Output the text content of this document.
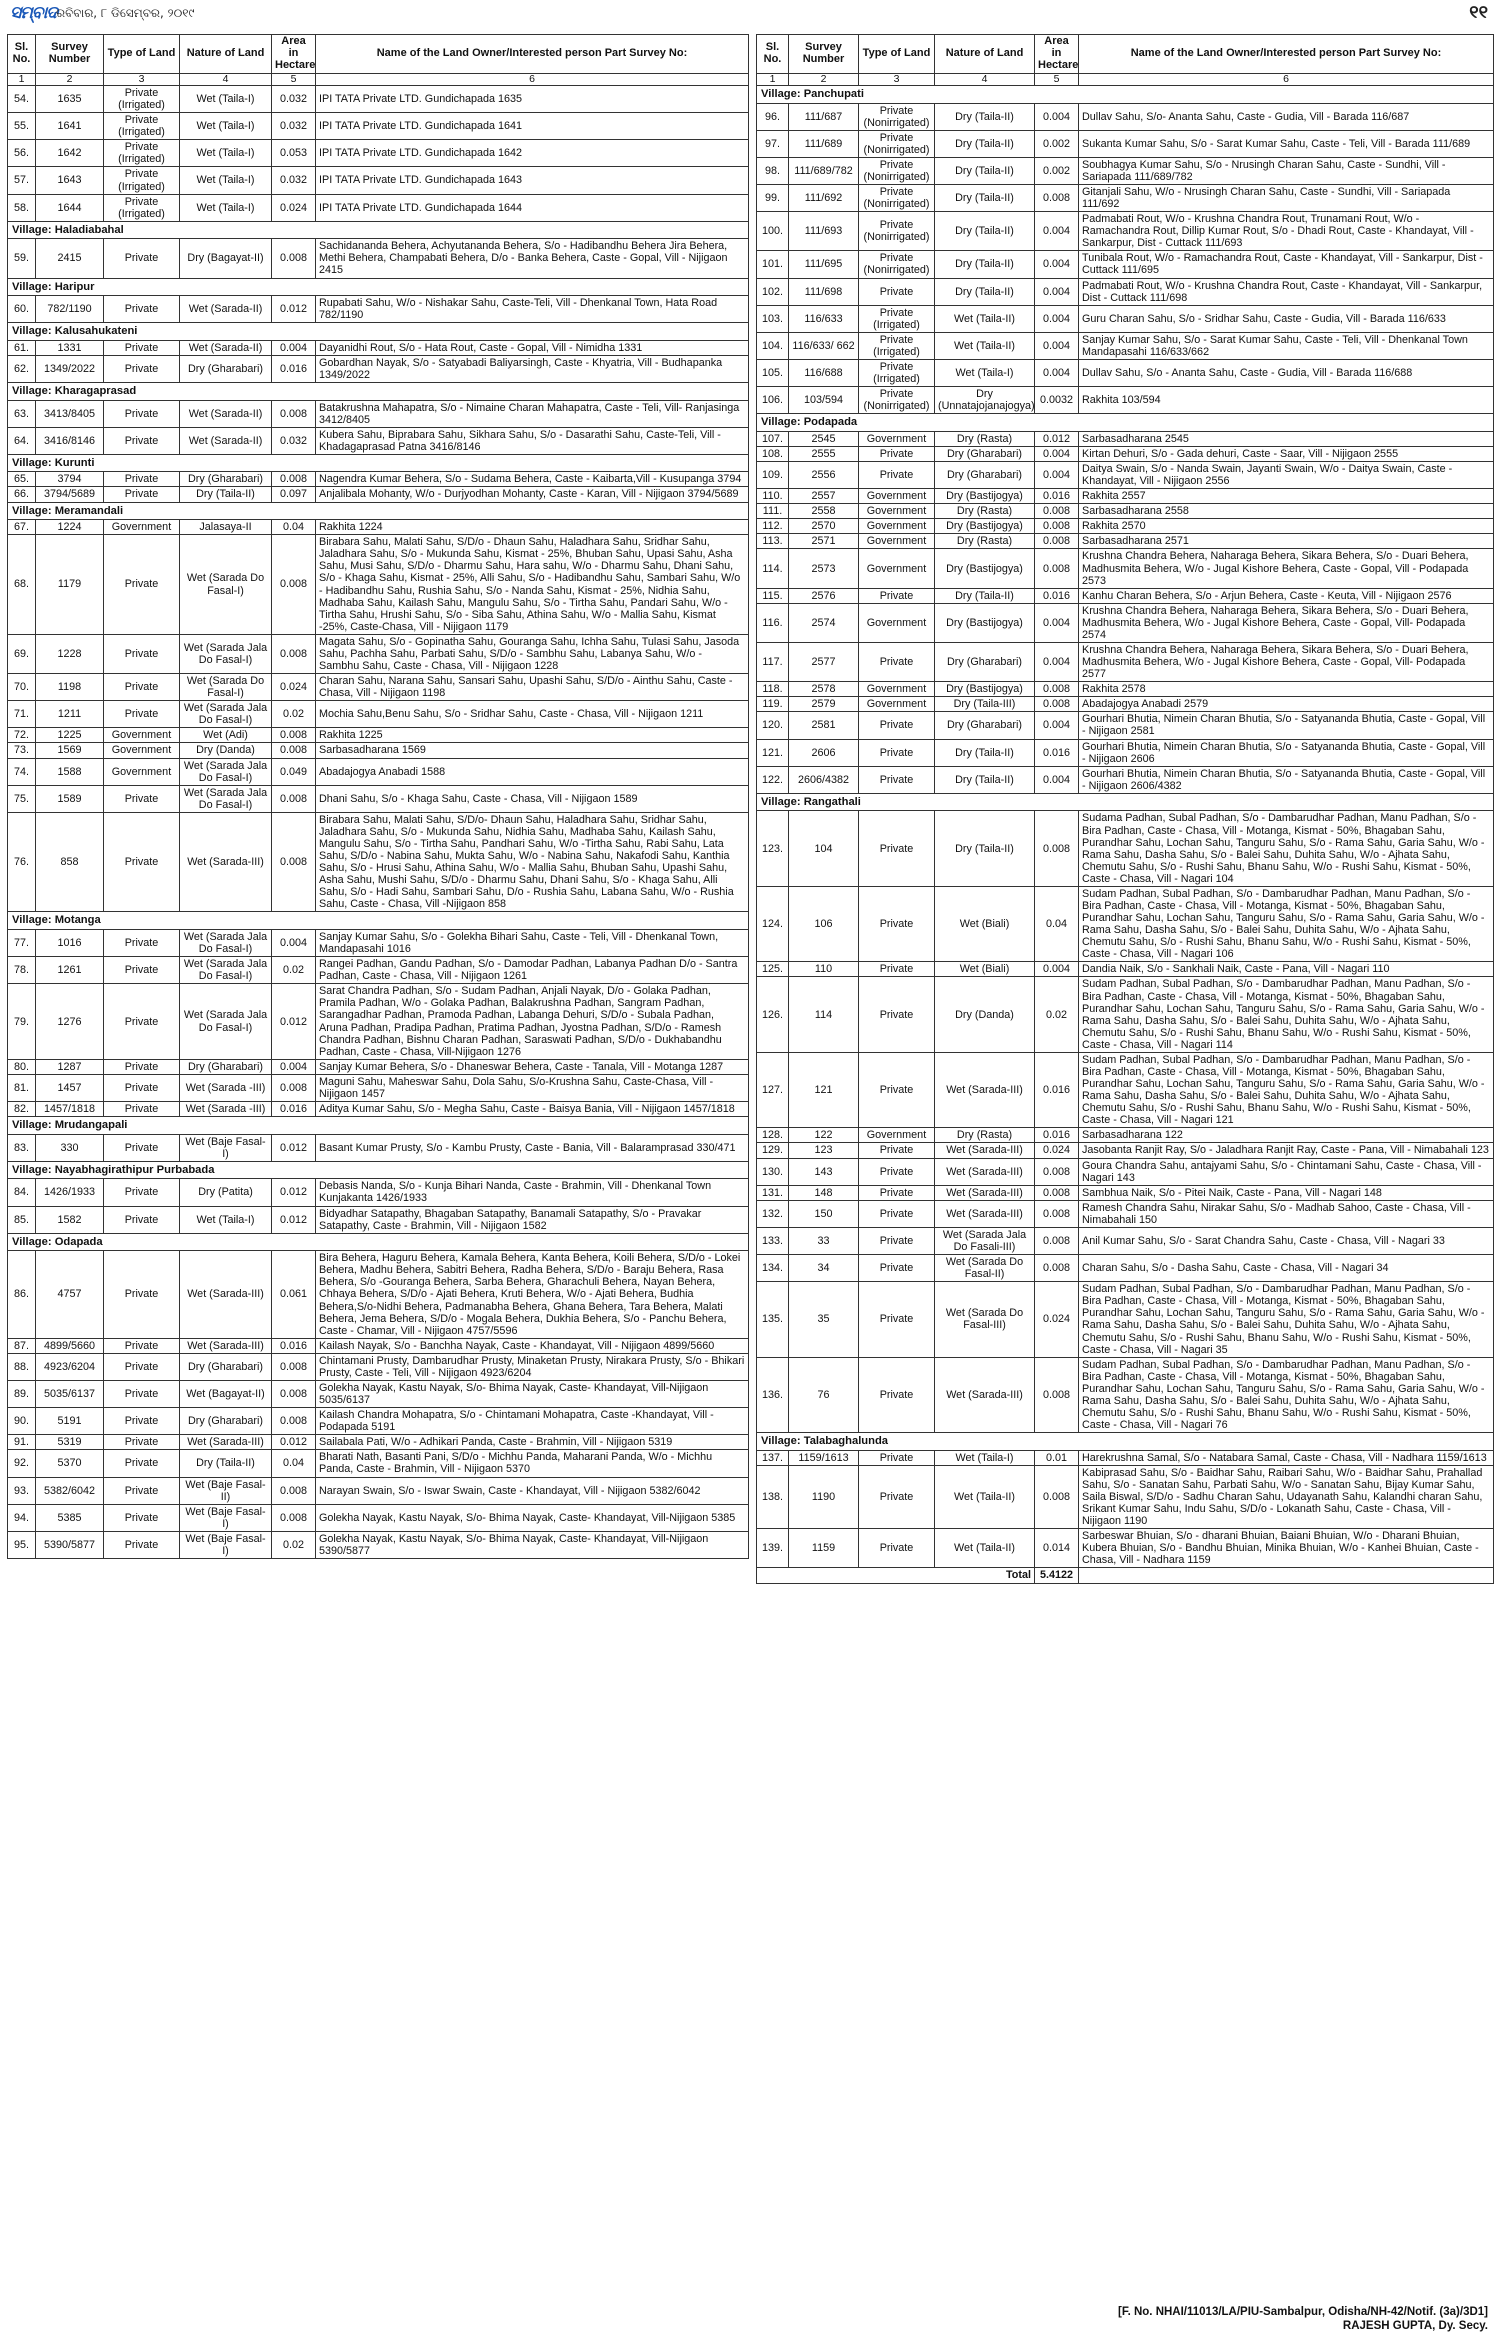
ସମ୍ବାଦ ରବିବାର, ୮ ଡିସେମ୍ବର, ୨୦୧୯	୧୧
Sl. No.	Survey Number	Type of Land	Nature of Land	Area in Hectare	Name of the Land Owner/Interested person Part Survey No:
1	2	3	4	5	6
54.	1635	Private (Irrigated)	Wet (Taila-I)	0.032	IPI TATA Private LTD. Gundichapada 1635
55.	1641	Private (Irrigated)	Wet (Taila-I)	0.032	IPI TATA Private LTD. Gundichapada 1641
56.	1642	Private (Irrigated)	Wet (Taila-I)	0.053	IPI TATA Private LTD. Gundichapada 1642
57.	1643	Private (Irrigated)	Wet (Taila-I)	0.032	IPI TATA Private LTD. Gundichapada 1643
58.	1644	Private (Irrigated)	Wet (Taila-I)	0.024	IPI TATA Private LTD. Gundichapada 1644
Village: Haladiabahal					
59.	2415	Private	Dry (Bagayat-II)	0.008	Sachidananda Behera, Achyutananda Behera, S/o - Hadibandhu Behera Jira Behera, Methi Behera, Champabati Behera, D/o - Banka Behera, Caste - Gopal, Vill - Nijigaon 2415
Village: Haripur					
60.	782/1190	Private	Wet (Sarada-II)	0.012	Rupabati Sahu, W/o - Nishakar Sahu, Caste-Teli, Vill - Dhenkanal Town, Hata Road 782/1190
Village: Kalusahukateni					
61.	1331	Private	Wet (Sarada-II)	0.004	Dayanidhi Rout, S/o - Hata Rout, Caste - Gopal, Vill - Nimidha 1331
62.	1349/2022	Private	Dry (Gharabari)	0.016	Gobardhan Nayak, S/o - Satyabadi Baliyarsingh, Caste - Khyatria, Vill - Budhapanka 1349/2022
Village: Kharagaprasad					
63.	3413/8405	Private	Wet (Sarada-II)	0.008	Batakrushna Mahapatra, S/o - Nimaine Charan Mahapatra, Caste - Teli, Vill- Ranjasinga 3412/8405
64.	3416/8146	Private	Wet (Sarada-II)	0.032	Kubera Sahu, Biprabara Sahu, Sikhara Sahu, S/o - Dasarathi Sahu, Caste-Teli, Vill - Khadagaprasad Patna 3416/8146
Village: Kurunti					
65.	3794	Private	Dry (Gharabari)	0.008	Nagendra Kumar Behera, S/o - Sudama Behera, Caste - Kaibarta,Vill - Kusupanga 3794
66.	3794/5689	Private	Dry (Taila-II)	0.097	Anjalibala Mohanty, W/o - Durjyodhan Mohanty, Caste - Karan, Vill - Nijigaon 3794/5689
Village: Meramandali					
67.	1224	Government	Jalasaya-II	0.04	Rakhita 1224
68.	1179	Private	Wet (Sarada Do Fasal-I)	0.008	Birabara Sahu, Malati Sahu, S/D/o - Dhaun Sahu, Haladhara Sahu, Sridhar Sahu, Jaladhara Sahu, S/o - Mukunda Sahu, Kismat - 25%, Bhuban Sahu, Upasi Sahu, Asha Sahu, Musi Sahu, S/D/o - Dharmu Sahu, Hara sahu, W/o - Dharmu Sahu, Dhani Sahu, S/o - Khaga Sahu, Kismat - 25%, Alli Sahu, S/o - Hadibandhu Sahu, Sambari Sahu, W/o - Hadibandhu Sahu, Rushia Sahu, S/o - Nanda Sahu, Kismat - 25%, Nidhia Sahu, Madhaba Sahu, Kailash Sahu, Mangulu Sahu, S/o - Tirtha Sahu, Pandari Sahu, W/o - Tirtha Sahu, Hrushi Sahu, S/o - Siba Sahu, Athina Sahu, W/o - Mallia Sahu, Kismat -25%, Caste-Chasa, Vill - Nijigaon 1179
69.	1228	Private	Wet (Sarada Jala Do Fasal-I)	0.008	Magata Sahu, S/o - Gopinatha Sahu, Gouranga Sahu, Ichha Sahu, Tulasi Sahu, Jasoda Sahu, Pachha Sahu, Parbati Sahu, S/D/o - Sambhu Sahu, Labanya Sahu, W/o - Sambhu Sahu, Caste - Chasa, Vill - Nijigaon 1228
70.	1198	Private	Wet (Sarada Do Fasal-I)	0.024	Charan Sahu, Narana Sahu, Sansari Sahu, Upashi Sahu, S/D/o - Ainthu Sahu, Caste - Chasa, Vill - Nijigaon 1198
71.	1211	Private	Wet (Sarada Jala Do Fasal-I)	0.02	Mochia Sahu,Benu Sahu, S/o - Sridhar Sahu, Caste - Chasa, Vill - Nijigaon 1211
72.	1225	Government	Wet (Adi)	0.008	Rakhita 1225
73.	1569	Government	Dry (Danda)	0.008	Sarbasadharana 1569
74.	1588	Government	Wet (Sarada Jala Do Fasal-I)	0.049	Abadajogya Anabadi 1588
75.	1589	Private	Wet (Sarada Jala Do Fasal-I)	0.008	Dhani Sahu, S/o - Khaga Sahu, Caste - Chasa, Vill - Nijigaon 1589
76.	858	Private	Wet (Sarada-III)	0.008	Birabara Sahu, Malati Sahu, S/D/o- Dhaun Sahu, Haladhara Sahu, Sridhar Sahu, Jaladhara Sahu, S/o - Mukunda Sahu, Nidhia Sahu, Madhaba Sahu, Kailash Sahu, Mangulu Sahu, S/o - Tirtha Sahu, Pandhari Sahu, W/o -Tirtha Sahu, Rabi Sahu, Lata Sahu, S/D/o - Nabina Sahu, Mukta Sahu, W/o - Nabina Sahu, Nakafodi Sahu, Kanthia Sahu, S/o - Hrusi Sahu, Athina Sahu, W/o - Mallia Sahu, Bhuban Sahu, Upashi Sahu, Asha Sahu, Mushi Sahu, S/D/o - Dharmu Sahu, Dhani Sahu, S/o - Khaga Sahu, Alli Sahu, S/o - Hadi Sahu, Sambari Sahu, D/o - Rushia Sahu, Labana Sahu, W/o - Rushia Sahu, Caste - Chasa, Vill -Nijigaon 858
Village: Motanga					
77.	1016	Private	Wet (Sarada Jala Do Fasal-I)	0.004	Sanjay Kumar Sahu, S/o - Golekha Bihari Sahu, Caste - Teli, Vill - Dhenkanal Town, Mandapasahi 1016
78.	1261	Private	Wet (Sarada Jala Do Fasal-I)	0.02	Rangei Padhan, Gandu Padhan, S/o - Damodar Padhan, Labanya Padhan D/o - Santra Padhan, Caste - Chasa, Vill - Nijigaon 1261
79.	1276	Private	Wet (Sarada Jala Do Fasal-I)	0.012	Sarat Chandra Padhan, S/o - Sudam Padhan, Anjali Nayak, D/o - Golaka Padhan, Pramila Padhan, W/o - Golaka Padhan, Balakrushna Padhan, Sangram Padhan, Sarangadhar Padhan, Pramoda Padhan, Labanga Dehuri, S/D/o - Subala Padhan, Aruna Padhan, Pradipa Padhan, Pratima Padhan, Jyostna Padhan, S/D/o - Ramesh Chandra Padhan, Bishnu Charan Padhan, Saraswati Padhan, S/D/o - Dukhabandhu Padhan, Caste - Chasa, Vill-Nijigaon 1276
80.	1287	Private	Dry (Gharabari)	0.004	Sanjay Kumar Behera, S/o - Dhaneswar Behera, Caste - Tanala, Vill - Motanga 1287
81.	1457	Private	Wet (Sarada -III)	0.008	Maguni Sahu, Maheswar Sahu, Dola Sahu, S/o-Krushna Sahu, Caste-Chasa, Vill - Nijigaon 1457
82.	1457/1818	Private	Wet (Sarada -III)	0.016	Aditya Kumar Sahu, S/o - Megha Sahu, Caste - Baisya Bania, Vill - Nijigaon 1457/1818
Village: Mrudangapali					
83.	330	Private	Wet (Baje Fasal-I)	0.012	Basant Kumar Prusty, S/o - Kambu Prusty, Caste - Bania, Vill - Balaramprasad 330/471
Village: Nayabhagirathipur Purbabada					
84.	1426/1933	Private	Dry (Patita)	0.012	Debasis Nanda, S/o - Kunja Bihari Nanda, Caste - Brahmin, Vill - Dhenkanal Town Kunjakanta 1426/1933
85.	1582	Private	Wet (Taila-I)	0.012	Bidyadhar Satapathy, Bhagaban Satapathy, Banamali Satapathy, S/o - Pravakar Satapathy, Caste - Brahmin, Vill - Nijigaon 1582
Village: Odapada					
86.	4757	Private	Wet (Sarada-III)	0.061	Bira Behera, Haguru Behera, Kamala Behera, Kanta Behera, Koili Behera, S/D/o - Lokei Behera, Madhu Behera, Sabitri Behera, Radha Behera, S/D/o - Baraju Behera, Rasa Behera, S/o -Gouranga Behera, Sarba Behera, Gharachuli Behera, Nayan Behera, Chhaya Behera, S/D/o - Ajati Behera, Kruti Behera, W/o - Ajati Behera, Budhia Behera,S/o-Nidhi Behera, Padmanabha Behera, Ghana Behera, Tara Behera, Malati Behera, Jema Behera, S/D/o - Mogala Behera, Dukhia Behera, S/o - Panchu Behera, Caste - Chamar, Vill - Nijigaon 4757/5596
87.	4899/5660	Private	Wet (Sarada-III)	0.016	Kailash Nayak, S/o - Banchha Nayak, Caste - Khandayat, Vill - Nijigaon 4899/5660
88.	4923/6204	Private	Dry (Gharabari)	0.008	Chintamani Prusty, Dambarudhar Prusty, Minaketan Prusty, Nirakara Prusty, S/o - Bhikari Prusty, Caste - Teli, Vill - Nijigaon 4923/6204
89.	5035/6137	Private	Wet (Bagayat-II)	0.008	Golekha Nayak, Kastu Nayak, S/o- Bhima Nayak, Caste- Khandayat, Vill-Nijigaon 5035/6137
90.	5191	Private	Dry (Gharabari)	0.008	Kailash Chandra Mohapatra, S/o - Chintamani Mohapatra, Caste -Khandayat, Vill - Podapada 5191
91.	5319	Private	Wet (Sarada-III)	0.012	Sailabala Pati, W/o - Adhikari Panda, Caste - Brahmin, Vill - Nijigaon 5319
92.	5370	Private	Dry (Taila-II)	0.04	Bharati Nath, Basanti Pani, S/D/o - Michhu Panda, Maharani Panda, W/o - Michhu Panda, Caste - Brahmin, Vill - Nijigaon 5370
93.	5382/6042	Private	Wet (Baje Fasal-II)	0.008	Narayan Swain, S/o - Iswar Swain, Caste - Khandayat, Vill - Nijigaon 5382/6042
94.	5385	Private	Wet (Baje Fasal-I)	0.008	Golekha Nayak, Kastu Nayak, S/o- Bhima Nayak, Caste- Khandayat, Vill-Nijigaon 5385
95.	5390/5877	Private	Wet (Baje Fasal-I)	0.02	Golekha Nayak, Kastu Nayak, S/o- Bhima Nayak, Caste- Khandayat, Vill-Nijigaon 5390/5877
Sl. No.	Survey Number	Type of Land	Nature of Land	Area in Hectare	Name of the Land Owner/Interested person Part Survey No:
1	2	3	4	5	6
Village: Panchupati					
96.	111/687	Private (Nonirrigated)	Dry (Taila-II)	0.004	Dullav Sahu, S/o- Ananta Sahu, Caste - Gudia, Vill - Barada 116/687
97.	111/689	Private (Nonirrigated)	Dry (Taila-II)	0.002	Sukanta Kumar Sahu, S/o - Sarat Kumar Sahu, Caste - Teli, Vill - Barada 111/689
98.	111/689/782	Private (Nonirrigated)	Dry (Taila-II)	0.002	Soubhagya Kumar Sahu, S/o - Nrusingh Charan Sahu, Caste - Sundhi, Vill - Sariapada 111/689/782
99.	111/692	Private (Nonirrigated)	Dry (Taila-II)	0.008	Gitanjali Sahu, W/o - Nrusingh Charan Sahu, Caste - Sundhi, Vill - Sariapada 111/692
100.	111/693	Private (Nonirrigated)	Dry (Taila-II)	0.004	Padmabati Rout, W/o - Krushna Chandra Rout, Trunamani Rout, W/o - Ramachandra Rout, Dillip Kumar Rout, S/o - Dhadi Rout, Caste - Khandayat, Vill - Sankarpur, Dist - Cuttack 111/693
101.	111/695	Private (Nonirrigated)	Dry (Taila-II)	0.004	Tunibala Rout, W/o - Ramachandra Rout, Caste - Khandayat, Vill - Sankarpur, Dist - Cuttack 111/695
102.	111/698	Private	Dry (Taila-II)	0.004	Padmabati Rout, W/o - Krushna Chandra Rout, Caste - Khandayat, Vill - Sankarpur, Dist - Cuttack 111/698
103.	116/633	Private (Irrigated)	Wet (Taila-II)	0.004	Guru Charan Sahu, S/o - Sridhar Sahu, Caste - Gudia, Vill - Barada 116/633
104.	116/633/ 662	Private (Irrigated)	Wet (Taila-II)	0.004	Sanjay Kumar Sahu, S/o - Sarat Kumar Sahu, Caste - Teli, Vill - Dhenkanal Town Mandapasahi 116/633/662
105.	116/688	Private (Irrigated)	Wet (Taila-I)	0.004	Dullav Sahu, S/o - Ananta Sahu, Caste - Gudia, Vill - Barada 116/688
106.	103/594	Private (Nonirrigated)	Dry (Unnatajojanajogya)	0.0032	Rakhita 103/594
Village: Podapada					
107.	2545	Government	Dry (Rasta)	0.012	Sarbasadharana 2545
108.	2555	Private	Dry (Gharabari)	0.004	Kirtan Dehuri, S/o - Gada dehuri, Caste - Saar, Vill - Nijigaon 2555
109.	2556	Private	Dry (Gharabari)	0.004	Daitya Swain, S/o - Nanda Swain, Jayanti Swain, W/o - Daitya Swain, Caste - Khandayat, Vill - Nijigaon 2556
110.	2557	Government	Dry (Bastijogya)	0.016	Rakhita 2557
111.	2558	Government	Dry (Rasta)	0.008	Sarbasadharana 2558
112.	2570	Government	Dry (Bastijogya)	0.008	Rakhita 2570
113.	2571	Government	Dry (Rasta)	0.008	Sarbasadharana 2571
114.	2573	Government	Dry (Bastijogya)	0.008	Krushna Chandra Behera, Naharaga Behera, Sikara Behera, S/o - Duari Behera, Madhusmita Behera, W/o - Jugal Kishore Behera, Caste - Gopal, Vill - Podapada 2573
115.	2576	Private	Dry (Taila-II)	0.016	Kanhu Charan Behera, S/o - Arjun Behera, Caste - Keuta, Vill - Nijigaon 2576
116.	2574	Government	Dry (Bastijogya)	0.004	Krushna Chandra Behera, Naharaga Behera, Sikara Behera, S/o - Duari Behera, Madhusmita Behera, W/o - Jugal Kishore Behera, Caste - Gopal, Vill- Podapada 2574
117.	2577	Private	Dry (Gharabari)	0.004	Krushna Chandra Behera, Naharaga Behera, Sikara Behera, S/o - Duari Behera, Madhusmita Behera, W/o - Jugal Kishore Behera, Caste - Gopal, Vill- Podapada 2577
118.	2578	Government	Dry (Bastijogya)	0.008	Rakhita 2578
119.	2579	Government	Dry (Taila-III)	0.008	Abadajogya Anabadi 2579
120.	2581	Private	Dry (Gharabari)	0.004	Gourhari Bhutia, Nimein Charan Bhutia, S/o - Satyananda Bhutia, Caste - Gopal, Vill - Nijigaon 2581
121.	2606	Private	Dry (Taila-II)	0.016	Gourhari Bhutia, Nimein Charan Bhutia, S/o - Satyananda Bhutia, Caste - Gopal, Vill - Nijigaon 2606
122.	2606/4382	Private	Dry (Taila-II)	0.004	Gourhari Bhutia, Nimein Charan Bhutia, S/o - Satyananda Bhutia, Caste - Gopal, Vill - Nijigaon 2606/4382
Village: Rangathali					
123.	104	Private	Dry (Taila-II)	0.008	Sudama Padhan, Subal Padhan, S/o - Dambarudhar Padhan, Manu Padhan, S/o - Bira Padhan, Caste - Chasa, Vill - Motanga, Kismat - 50%, Bhagaban Sahu, Purandhar Sahu, Lochan Sahu, Tanguru Sahu, S/o - Rama Sahu, Garia Sahu, W/o - Rama Sahu, Dasha Sahu, S/o - Balei Sahu, Duhita Sahu, W/o - Ajhata Sahu, Chemutu Sahu, S/o - Rushi Sahu, Bhanu Sahu, W/o - Rushi Sahu, Kismat - 50%, Caste - Chasa, Vill - Nagari 104
124.	106	Private	Wet (Biali)	0.04	Sudam Padhan, Subal Padhan, S/o - Dambarudhar Padhan, Manu Padhan, S/o - Bira Padhan, Caste - Chasa, Vill - Motanga, Kismat - 50%, Bhagaban Sahu, Purandhar Sahu, Lochan Sahu, Tanguru Sahu, S/o - Rama Sahu, Garia Sahu, W/o - Rama Sahu, Dasha Sahu, S/o - Balei Sahu, Duhita Sahu, W/o - Ajhata Sahu, Chemutu Sahu, S/o - Rushi Sahu, Bhanu Sahu, W/o - Rushi Sahu, Kismat - 50%, Caste - Chasa, Vill - Nagari 106
125.	110	Private	Wet (Biali)	0.004	Dandia Naik, S/o - Sankhali Naik, Caste - Pana, Vill - Nagari 110
126.	114	Private	Dry (Danda)	0.02	Sudam Padhan, Subal Padhan, S/o - Dambarudhar Padhan, Manu Padhan, S/o - Bira Padhan, Caste - Chasa, Vill - Motanga, Kismat - 50%, Bhagaban Sahu, Purandhar Sahu, Lochan Sahu, Tanguru Sahu, S/o - Rama Sahu, Garia Sahu, W/o - Rama Sahu, Dasha Sahu, S/o - Balei Sahu, Duhita Sahu, W/o - Ajhata Sahu, Chemutu Sahu, S/o - Rushi Sahu, Bhanu Sahu, W/o - Rushi Sahu, Kismat - 50%, Caste - Chasa, Vill - Nagari 114
127.	121	Private	Wet (Sarada-III)	0.016	Sudam Padhan, Subal Padhan, S/o - Dambarudhar Padhan, Manu Padhan, S/o - Bira Padhan, Caste - Chasa, Vill - Motanga, Kismat - 50%, Bhagaban Sahu, Purandhar Sahu, Lochan Sahu, Tanguru Sahu, S/o - Rama Sahu, Garia Sahu, W/o - Rama Sahu, Dasha Sahu, S/o - Balei Sahu, Duhita Sahu, W/o - Ajhata Sahu, Chemutu Sahu, S/o - Rushi Sahu, Bhanu Sahu, W/o - Rushi Sahu, Kismat - 50%, Caste - Chasa, Vill - Nagari 121
128.	122	Government	Dry (Rasta)	0.016	Sarbasadharana 122
129.	123	Private	Wet (Sarada-III)	0.024	Jasobanta Ranjit Ray, S/o - Jaladhara Ranjit Ray, Caste - Pana, Vill - Nimabahali 123
130.	143	Private	Wet (Sarada-III)	0.008	Goura Chandra Sahu, antajyami Sahu, S/o - Chintamani Sahu, Caste - Chasa, Vill - Nagari 143
131.	148	Private	Wet (Sarada-III)	0.008	Sambhua Naik, S/o - Pitei Naik, Caste - Pana, Vill - Nagari 148
132.	150	Private	Wet (Sarada-III)	0.008	Ramesh Chandra Sahu, Nirakar Sahu, S/o - Madhab Sahoo, Caste - Chasa, Vill - Nimabahali 150
133.	33	Private	Wet (Sarada Jala Do Fasali-III)	0.008	Anil Kumar Sahu, S/o - Sarat Chandra Sahu, Caste - Chasa, Vill - Nagari 33
134.	34	Private	Wet (Sarada Do Fasal-II)	0.008	Charan Sahu, S/o - Dasha Sahu, Caste - Chasa, Vill - Nagari 34
135.	35	Private	Wet (Sarada Do Fasal-III)	0.024	Sudam Padhan, Subal Padhan, S/o - Dambarudhar Padhan, Manu Padhan, S/o - Bira Padhan, Caste - Chasa, Vill - Motanga, Kismat - 50%, Bhagaban Sahu, Purandhar Sahu, Lochan Sahu, Tanguru Sahu, S/o - Rama Sahu, Garia Sahu, W/o - Rama Sahu, Dasha Sahu, S/o - Balei Sahu, Duhita Sahu, W/o - Ajhata Sahu, Chemutu Sahu, S/o - Rushi Sahu, Bhanu Sahu, W/o - Rushi Sahu, Kismat - 50%, Caste - Chasa, Vill - Nagari 35
136.	76	Private	Wet (Sarada-III)	0.008	Sudam Padhan, Subal Padhan, S/o - Dambarudhar Padhan, Manu Padhan, S/o - Bira Padhan, Caste - Chasa, Vill - Motanga, Kismat - 50%, Bhagaban Sahu, Purandhar Sahu, Lochan Sahu, Tanguru Sahu, S/o - Rama Sahu, Garia Sahu, W/o - Rama Sahu, Dasha Sahu, S/o - Balei Sahu, Duhita Sahu, W/o - Ajhata Sahu, Chemutu Sahu, S/o - Rushi Sahu, Bhanu Sahu, W/o - Rushi Sahu, Kismat - 50%, Caste - Chasa, Vill - Nagari 76
Village: Talabaghalunda					
137.	1159/1613	Private	Wet (Taila-I)	0.01	Harekrushna Samal, S/o - Natabara Samal, Caste - Chasa, Vill - Nadhara 1159/1613
138.	1190	Private	Wet (Taila-II)	0.008	Kabiprasad Sahu, S/o - Baidhar Sahu, Raibari Sahu, W/o - Baidhar Sahu, Prahallad Sahu, S/o - Sanatan Sahu, Parbati Sahu, W/o - Sanatan Sahu, Bijay Kumar Sahu, Saila Biswal, S/D/o - Sadhu Charan Sahu, Udayanath Sahu, Kalandhi charan Sahu, Srikant Kumar Sahu, Indu Sahu, S/D/o - Lokanath Sahu, Caste - Chasa, Vill - Nijigaon 1190
139.	1159	Private	Wet (Taila-II)	0.014	Sarbeswar Bhuian, S/o - dharani Bhuian, Baiani Bhuian, W/o - Dharani Bhuian, Kubera Bhuian, S/o - Bandhu Bhuian, Minika Bhuian, W/o - Kanhei Bhuian, Caste - Chasa, Vill - Nadhara 1159
Total				5.4122	
[F. No. NHAI/11013/LA/PIU-Sambalpur, Odisha/NH-42/Notif. (3a)/3D1]
RAJESH GUPTA, Dy. Secy.
